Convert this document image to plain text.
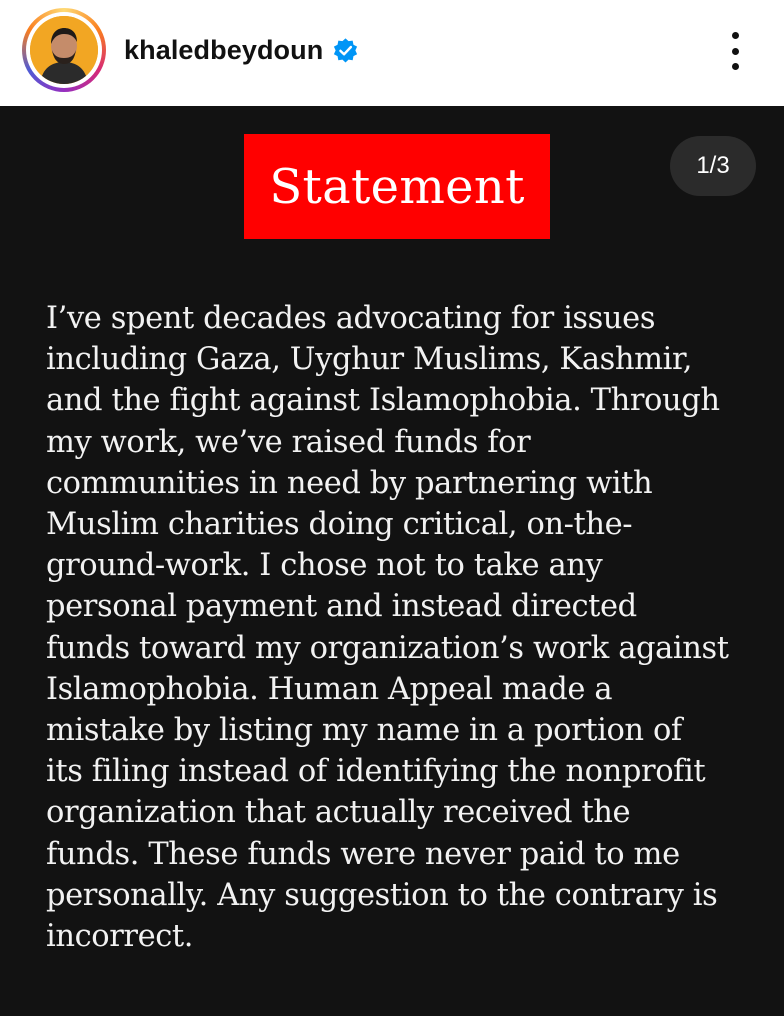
khaledbeydoun
Statement	1/3

I’ve spent decades advocating for issues
including Gaza, Uyghur Muslims, Kashmir,
and the fight against Islamophobia. Through
my work, we’ve raised funds for
communities in need by partnering with
Muslim charities doing critical, on-the-
ground-work. I chose not to take any
personal payment and instead directed
funds toward my organization’s work against
Islamophobia. Human Appeal made a
mistake by listing my name in a portion of
its filing instead of identifying the nonprofit
organization that actually received the
funds. These funds were never paid to me
personally. Any suggestion to the contrary is
incorrect.
